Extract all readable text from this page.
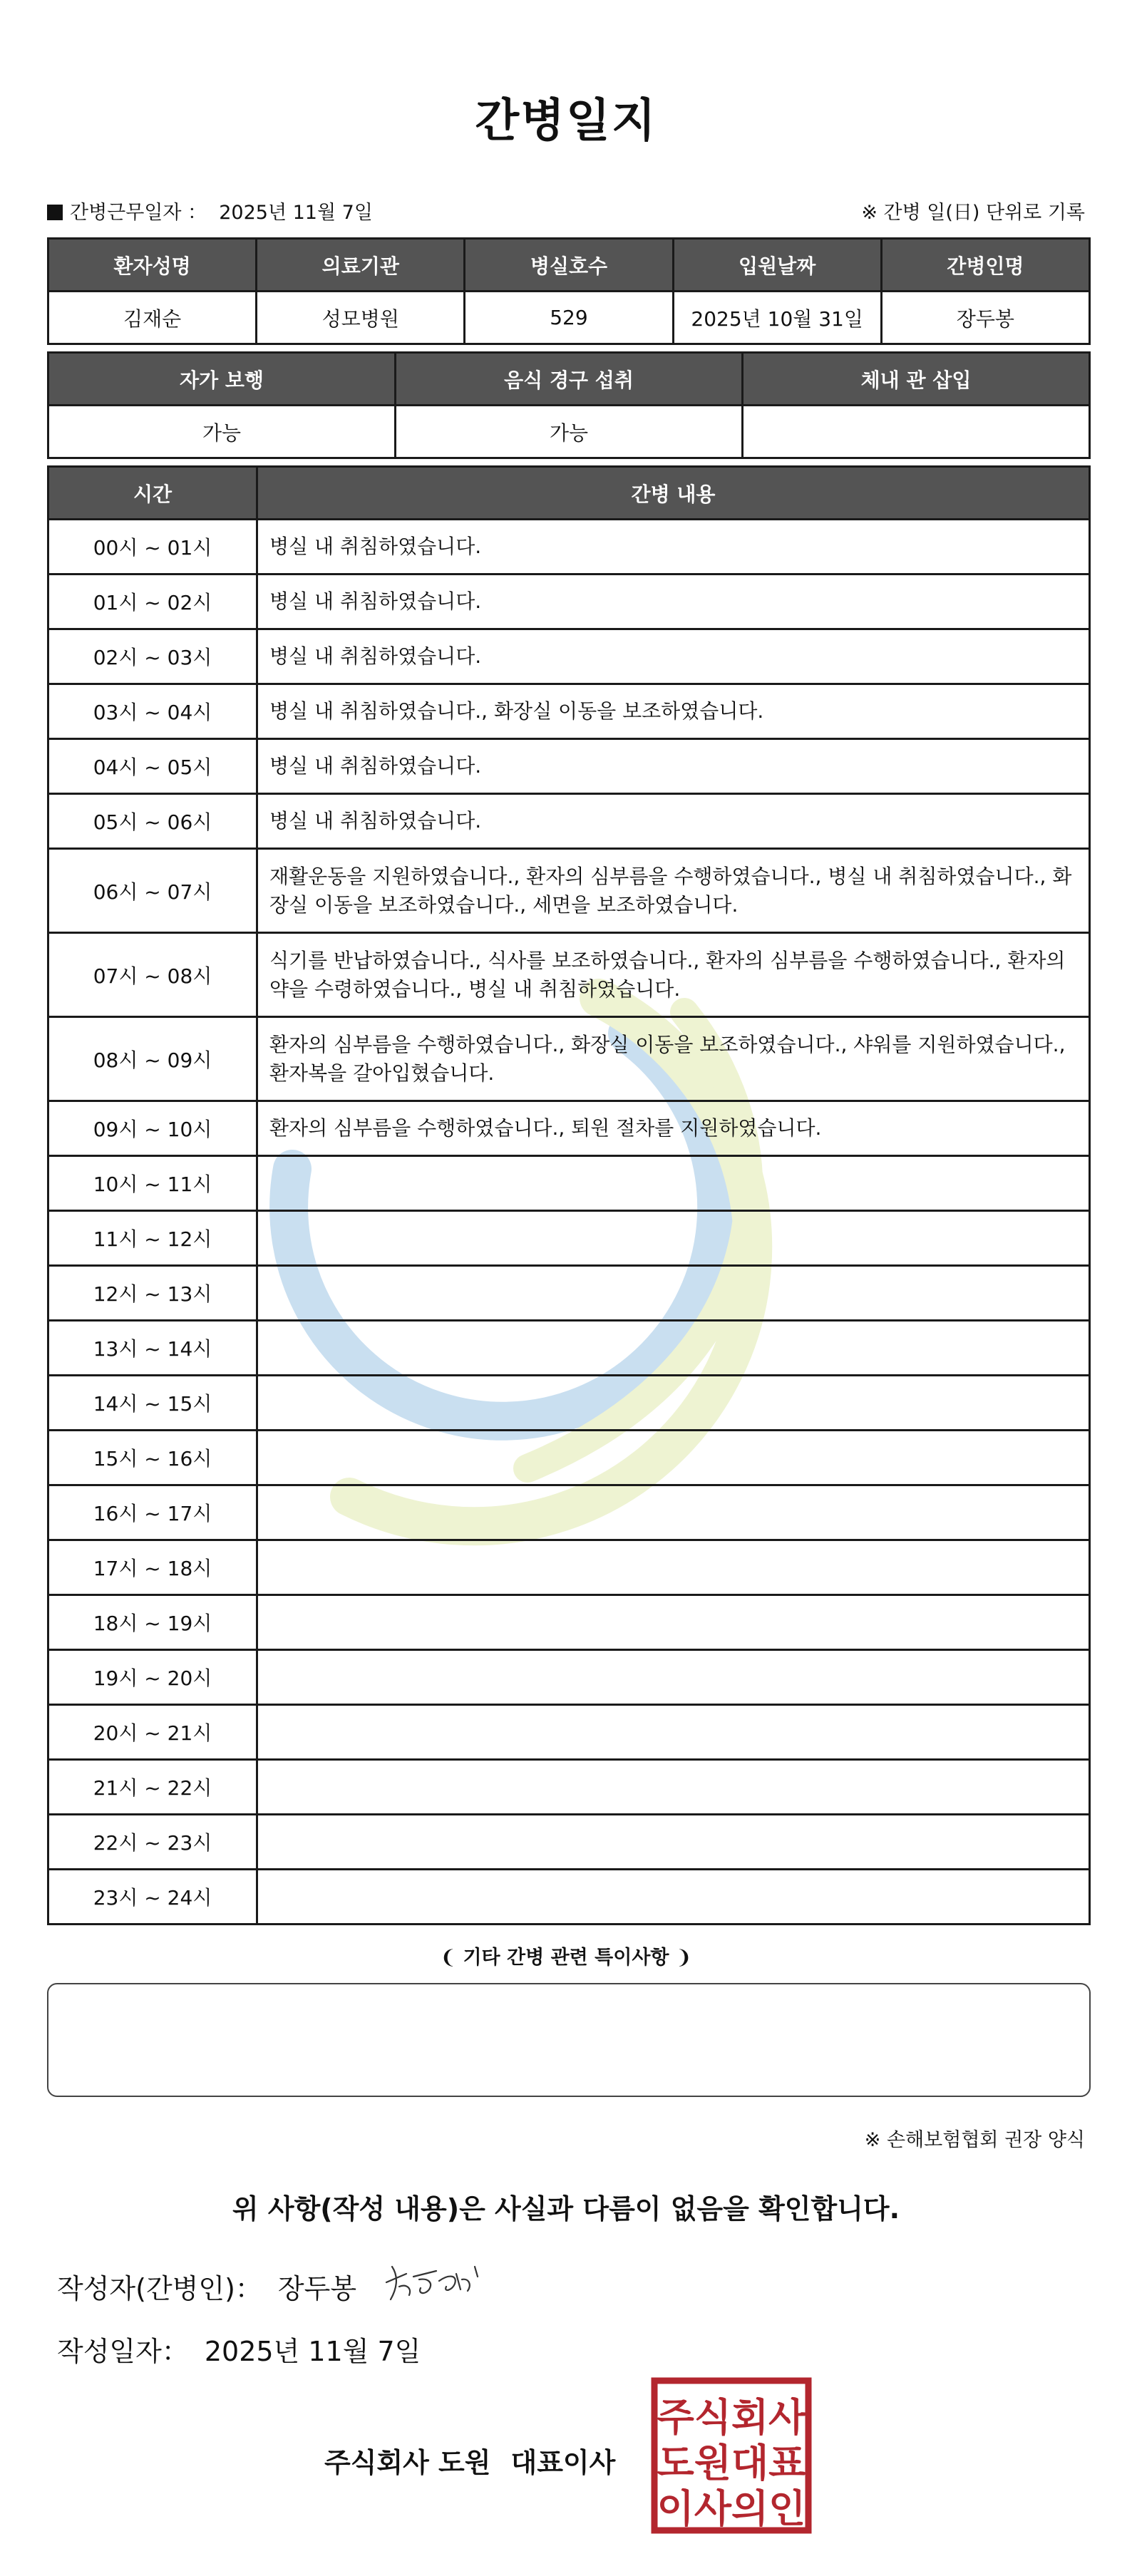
간병일지
간병근무일자 ： 2025년 11월 7일	※ 간병 일(日) 단위로 기록
환자성명	의료기관	병실호수	입원날짜	간병인명
김재순	성모병원	529	2025년 10월 31일	장두봉
자가 보행	음식 경구 섭취	체내 관 삽입
가능	가능	
시간	간병 내용
00시 ~ 01시	병실 내 취침하였습니다.
01시 ~ 02시	병실 내 취침하였습니다.
02시 ~ 03시	병실 내 취침하였습니다.
03시 ~ 04시	병실 내 취침하였습니다., 화장실 이동을 보조하였습니다.
04시 ~ 05시	병실 내 취침하였습니다.
05시 ~ 06시	병실 내 취침하였습니다.
06시 ~ 07시	재활운동을 지원하였습니다., 환자의 심부름을 수행하였습니다., 병실 내 취침하였습니다., 화장실 이동을 보조하였습니다., 세면을 보조하였습니다.
07시 ~ 08시	식기를 반납하였습니다., 식사를 보조하였습니다., 환자의 심부름을 수행하였습니다., 환자의 약을 수령하였습니다., 병실 내 취침하였습니다.
08시 ~ 09시	환자의 심부름을 수행하였습니다., 화장실 이동을 보조하였습니다., 샤워를 지원하였습니다., 환자복을 갈아입혔습니다.
09시 ~ 10시	환자의 심부름을 수행하였습니다., 퇴원 절차를 지원하였습니다.
10시 ~ 11시	
11시 ~ 12시	
12시 ~ 13시	
13시 ~ 14시	
14시 ~ 15시	
15시 ~ 16시	
16시 ~ 17시	
17시 ~ 18시	
18시 ~ 19시	
19시 ~ 20시	
20시 ~ 21시	
21시 ~ 22시	
22시 ~ 23시	
23시 ~ 24시	
❨ 기타 간병 관련 특이사항 ❩
※ 손해보험협회 권장 양식
위 사항(작성 내용)은 사실과 다름이 없음을 확인합니다.
작성자(간병인)： 장두봉
작성일자： 2025년 11월 7일
주식회사 도원 대표이사
주식회사
도원대표
이사의인
